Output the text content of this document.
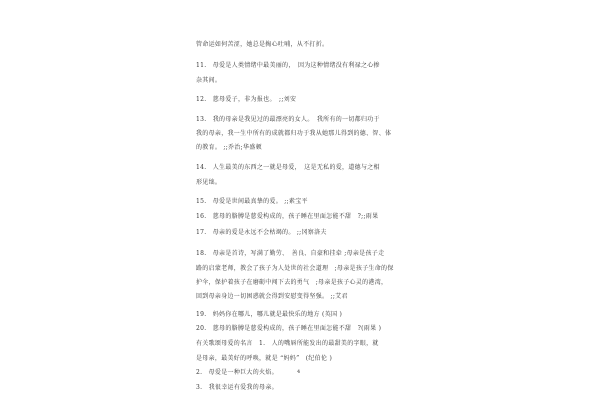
管命运如何苦涩，她总是掏心吐哺，从不打折。
11.　母爱是人类情绪中最美丽的，　因为这种情绪没有利禄之心掺
杂其间。
12.　慈母爱子，非为报也。　;;刘安
13.　我的母亲是我见过的最漂亮的女人。　我所有的一切都归功于
我的母亲，我一生中所有的成就都归功于我从她那儿得到的德、智、体
的教育。 ;;乔治;华盛顿
14.　人生最美的东西之一就是母爱，　这是无私的爱，道德与之相
形见绌。
15.　母爱是世间最真挚的爱。 ;;素宝平
16.　慈母的胳膊是慈爱构成的，孩子睡在里面怎能不甜　?;;雨果
17.　母亲的爱是永远不会枯竭的。 ;;冈察洛夫
18.　母亲是首诗，写满了勤劳、　善良、自豪和挂牵 ;母亲是孩子走
路的启蒙老师，教会了孩子为人处世的社会道理　;母亲是孩子生命的保
护伞，保护着孩子在磨砺中闯下去的勇气　;母亲是孩子心灵的港湾，
回到母亲身边一切困惑就会得到安慰变得坚强。 ;;艾君
19.　妈妈你在哪儿，哪儿就是最快乐的地方 (英国 )
20.　慈母的胳膊是慈爱构成的，孩子睡在里面怎能不甜　?(雨果 )
有关歌颂母爱的名言　1.　人的嘴唇所能发出的最甜美的字眼，就
是母亲，最美好的呼唤，就是 “妈妈”　(纪伯伦 )
2.　母爱是一种巨大的火焰。
3.　我很幸运有爱我的母亲。
4
